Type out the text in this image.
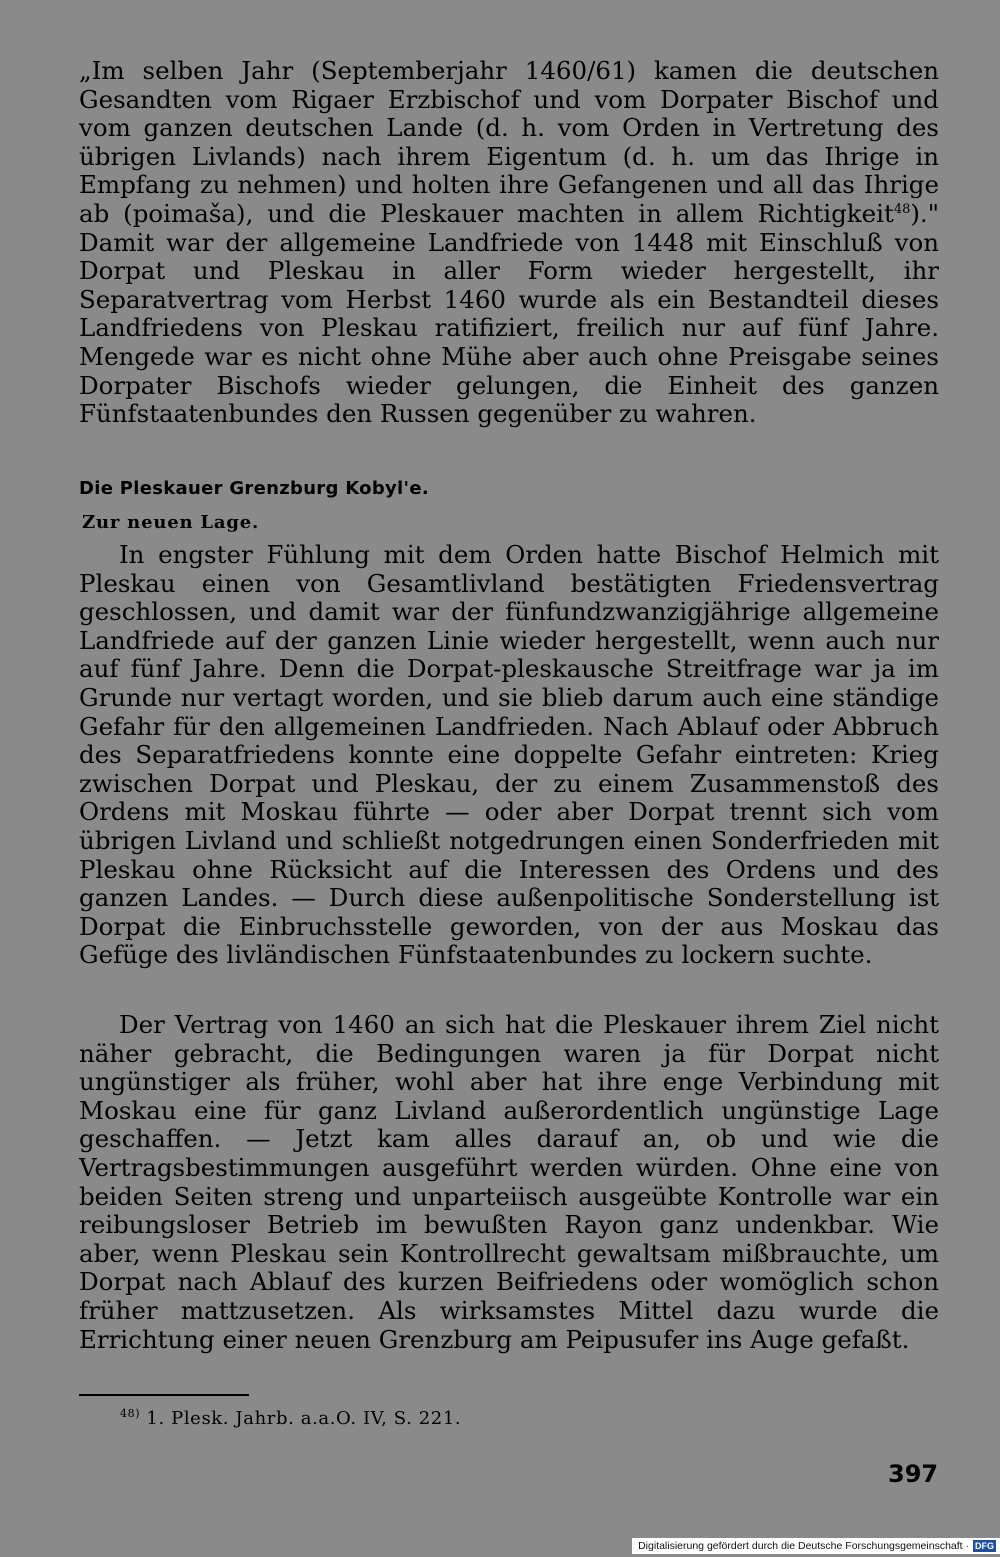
„Im selben Jahr (Septemberjahr 1460/61) kamen die deutschen Gesandten vom Rigaer Erzbischof und vom Dorpater Bischof und vom ganzen deutschen Lande (d. h. vom Orden in Vertretung des übrigen Livlands) nach ihrem Eigentum (d. h. um das Ihrige in Empfang zu nehmen) und holten ihre Gefangenen und all das Ihrige ab (poimaša), und die Pleskauer machten in allem Richtigkeit$^{48}$)." Damit war der allgemeine Landfriede von 1448 mit Einschluß von Dorpat und Pleskau in aller Form wieder hergestellt, ihr Separatvertrag vom Herbst 1460 wurde als ein Bestandteil dieses Landfriedens von Pleskau ratifiziert, freilich nur auf fünf Jahre. Mengede war es nicht ohne Mühe aber auch ohne Preisgabe seines Dorpater Bischofs wieder gelungen, die Einheit des ganzen Fünfstaatenbundes den Russen gegenüber zu wahren.

Die Pleskauer Grenzburg Kobyl'e.
Zur neuen Lage.

In engster Fühlung mit dem Orden hatte Bischof Helmich mit Pleskau einen von Gesamtlivland bestätigten Friedensvertrag geschlossen, und damit war der fünfundzwanzigjährige allgemeine Landfriede auf der ganzen Linie wieder hergestellt, wenn auch nur auf fünf Jahre. Denn die Dorpat-pleskausche Streitfrage war ja im Grunde nur vertagt worden, und sie blieb darum auch eine ständige Gefahr für den allgemeinen Landfrieden. Nach Ablauf oder Abbruch des Separatfriedens konnte eine doppelte Gefahr eintreten: Krieg zwischen Dorpat und Pleskau, der zu einem Zusammenstoß des Ordens mit Moskau führte — oder aber Dorpat trennt sich vom übrigen Livland und schließt notgedrungen einen Sonderfrieden mit Pleskau ohne Rücksicht auf die Interessen des Ordens und des ganzen Landes. — Durch diese außenpolitische Sonderstellung ist Dorpat die Einbruchsstelle geworden, von der aus Moskau das Gefüge des livländischen Fünfstaatenbundes zu lockern suchte.

Der Vertrag von 1460 an sich hat die Pleskauer ihrem Ziel nicht näher gebracht, die Bedingungen waren ja für Dorpat nicht ungünstiger als früher, wohl aber hat ihre enge Verbindung mit Moskau eine für ganz Livland außerordentlich ungünstige Lage geschaffen. — Jetzt kam alles darauf an, ob und wie die Vertragsbestimmungen ausgeführt werden würden. Ohne eine von beiden Seiten streng und unparteiisch ausgeübte Kontrolle war ein reibungsloser Betrieb im bewußten Rayon ganz undenkbar. Wie aber, wenn Pleskau sein Kontrollrecht gewaltsam mißbrauchte, um Dorpat nach Ablauf des kurzen Beifriedens oder womöglich schon früher mattzusetzen. Als wirksamstes Mittel dazu wurde die Errichtung einer neuen Grenzburg am Peipusufer ins Auge gefaßt.

$^{48)}$ 1. Plesk. Jahrb. a.a.O. IV, S. 221.

397

Digitalisierung gefördert durch die Deutsche Forschungsgemeinschaft · DFG
